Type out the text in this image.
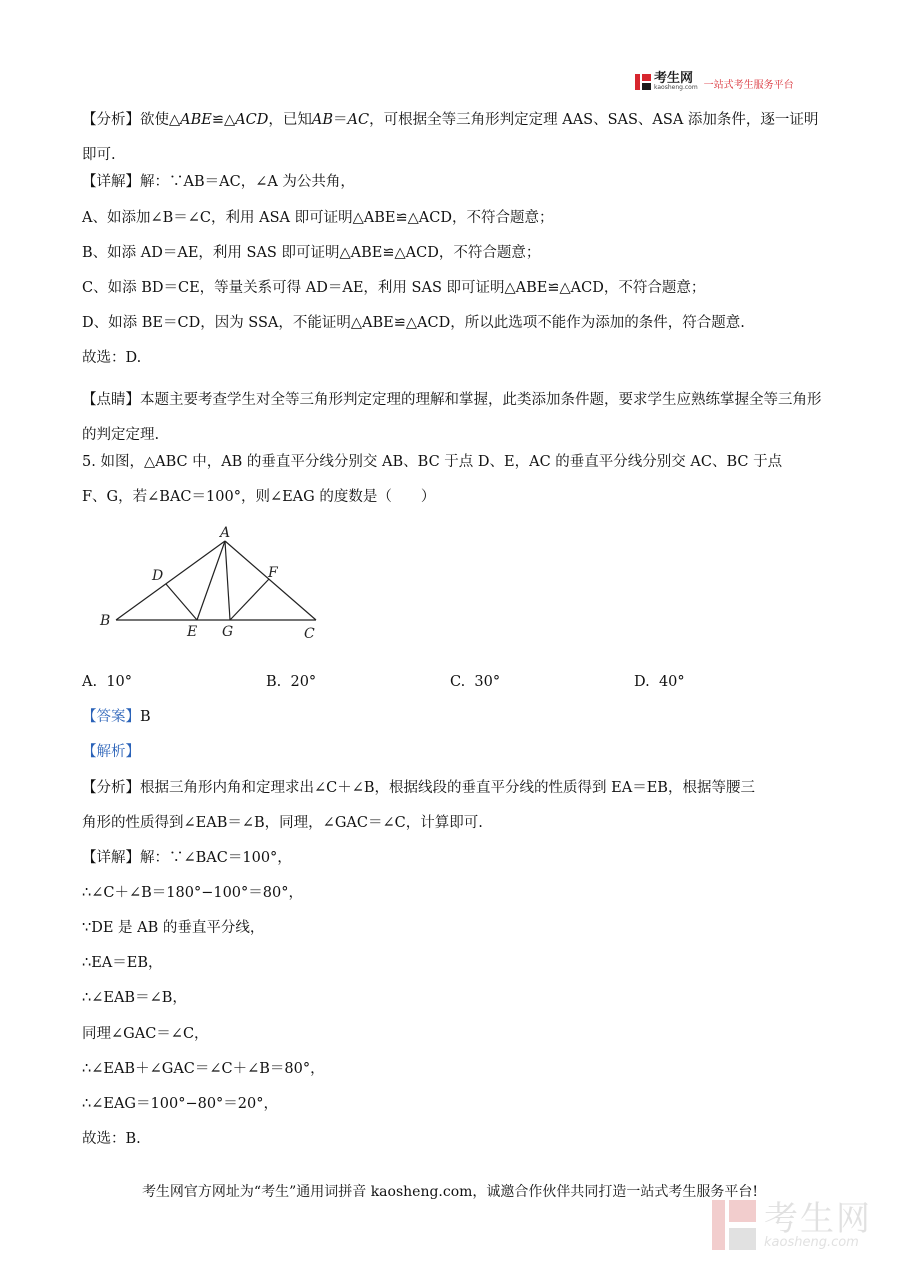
考生网
kaosheng.com 一站式考生服务平台
【分析】欲使△ABE≌△ACD，已知AB＝AC，可根据全等三角形判定定理 AAS、SAS、ASA 添加条件，逐一证明即可.
【详解】解：∵AB＝AC，∠A 为公共角，
A、如添加∠B＝∠C，利用 ASA 即可证明△ABE≌△ACD，不符合题意；
B、如添 AD＝AE，利用 SAS 即可证明△ABE≌△ACD，不符合题意；
C、如添 BD＝CE，等量关系可得 AD＝AE，利用 SAS 即可证明△ABE≌△ACD，不符合题意；
D、如添 BE＝CD，因为 SSA，不能证明△ABE≌△ACD，所以此选项不能作为添加的条件，符合题意.
故选：D.
【点睛】本题主要考查学生对全等三角形判定定理的理解和掌握，此类添加条件题，要求学生应熟练掌握全等三角形的判定定理.
5. 如图，△ABC 中，AB 的垂直平分线分别交 AB、BC 于点 D、E，AC 的垂直平分线分别交 AC、BC 于点
F、G，若∠BAC＝100°，则∠EAG 的度数是（　　）
A
B
C
D
E
F
G
A. 10°	B. 20°	C. 30°	D. 40°
【答案】B
【解析】
【分析】根据三角形内角和定理求出∠C＋∠B，根据线段的垂直平分线的性质得到 EA＝EB，根据等腰三
角形的性质得到∠EAB＝∠B，同理，∠GAC＝∠C，计算即可.
【详解】解：∵∠BAC＝100°，
∴∠C＋∠B＝180°−100°＝80°，
∵DE 是 AB 的垂直平分线，
∴EA＝EB，
∴∠EAB＝∠B，
同理∠GAC＝∠C，
∴∠EAB＋∠GAC＝∠C＋∠B＝80°，
∴∠EAG＝100°−80°＝20°，
故选：B.
考生网官方网址为“考生”通用词拼音 kaosheng.com，诚邀合作伙伴共同打造一站式考生服务平台!
考生网
kaosheng.com
